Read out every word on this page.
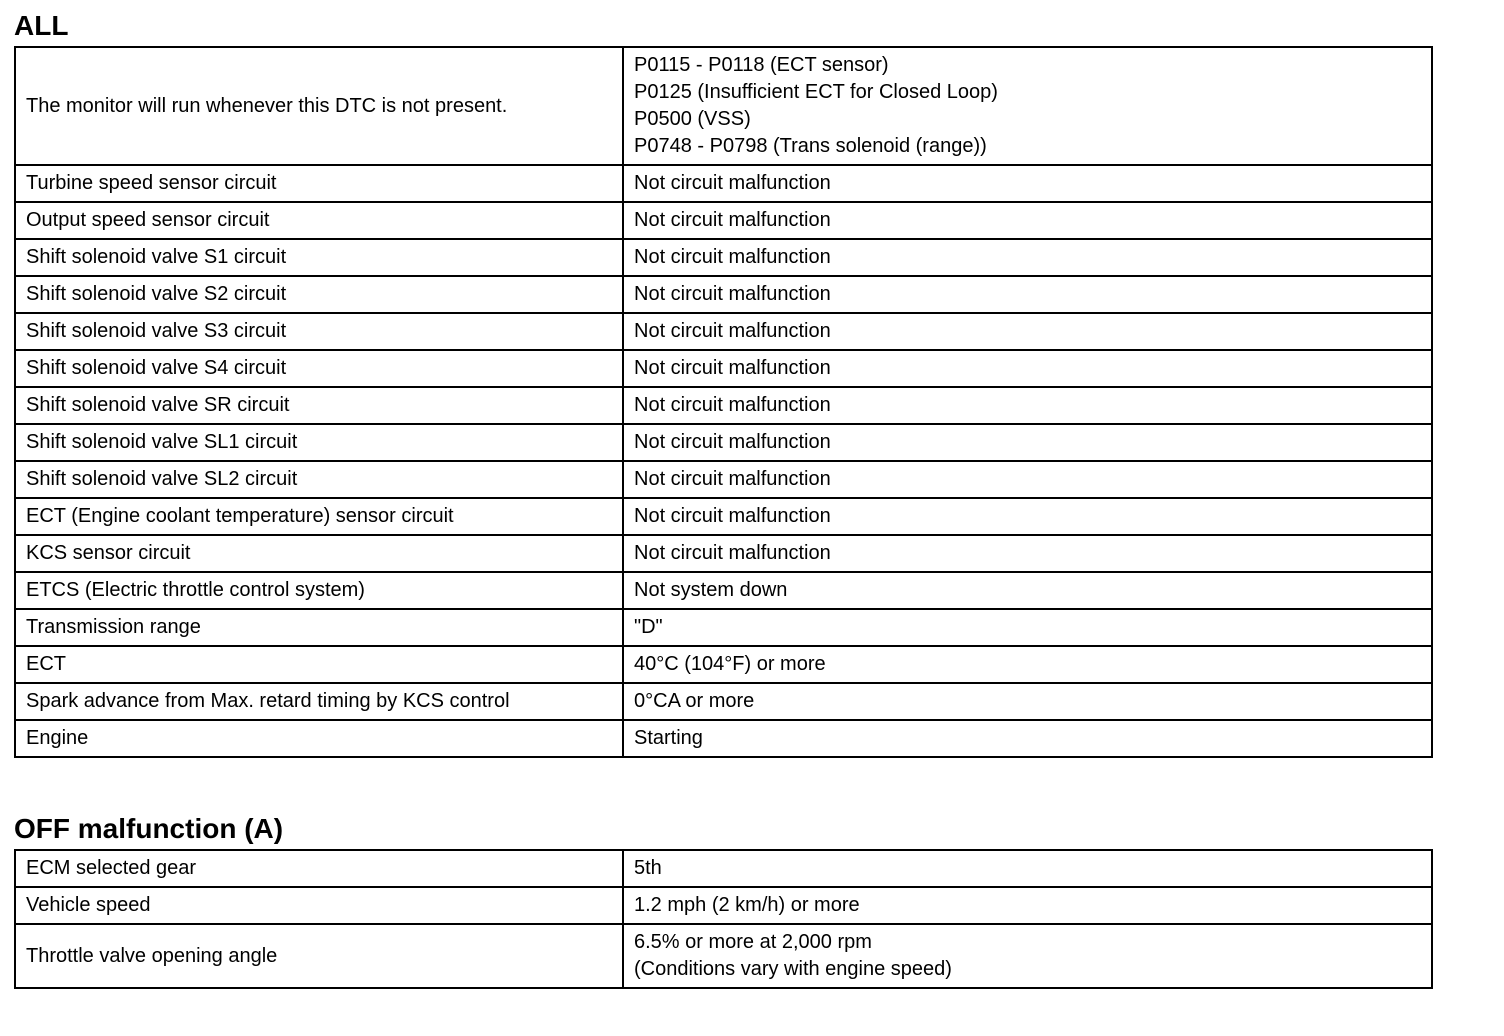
ALL
The monitor will run whenever this DTC is not present.	P0115 - P0118 (ECT sensor)
P0125 (Insufficient ECT for Closed Loop)
P0500 (VSS)
P0748 - P0798 (Trans solenoid (range))

Turbine speed sensor circuit	Not circuit malfunction

Output speed sensor circuit	Not circuit malfunction

Shift solenoid valve S1 circuit	Not circuit malfunction

Shift solenoid valve S2 circuit	Not circuit malfunction

Shift solenoid valve S3 circuit	Not circuit malfunction

Shift solenoid valve S4 circuit	Not circuit malfunction

Shift solenoid valve SR circuit	Not circuit malfunction

Shift solenoid valve SL1 circuit	Not circuit malfunction

Shift solenoid valve SL2 circuit	Not circuit malfunction

ECT (Engine coolant temperature) sensor circuit	Not circuit malfunction

KCS sensor circuit	Not circuit malfunction

ETCS (Electric throttle control system)	Not system down

Transmission range	"D"

ECT	40°C (104°F) or more

Spark advance from Max. retard timing by KCS control	0°CA or more

Engine	Starting
OFF malfunction (A)
ECM selected gear	5th

Vehicle speed	1.2 mph (2 km/h) or more

Throttle valve opening angle	6.5% or more at 2,000 rpm
(Conditions vary with engine speed)
